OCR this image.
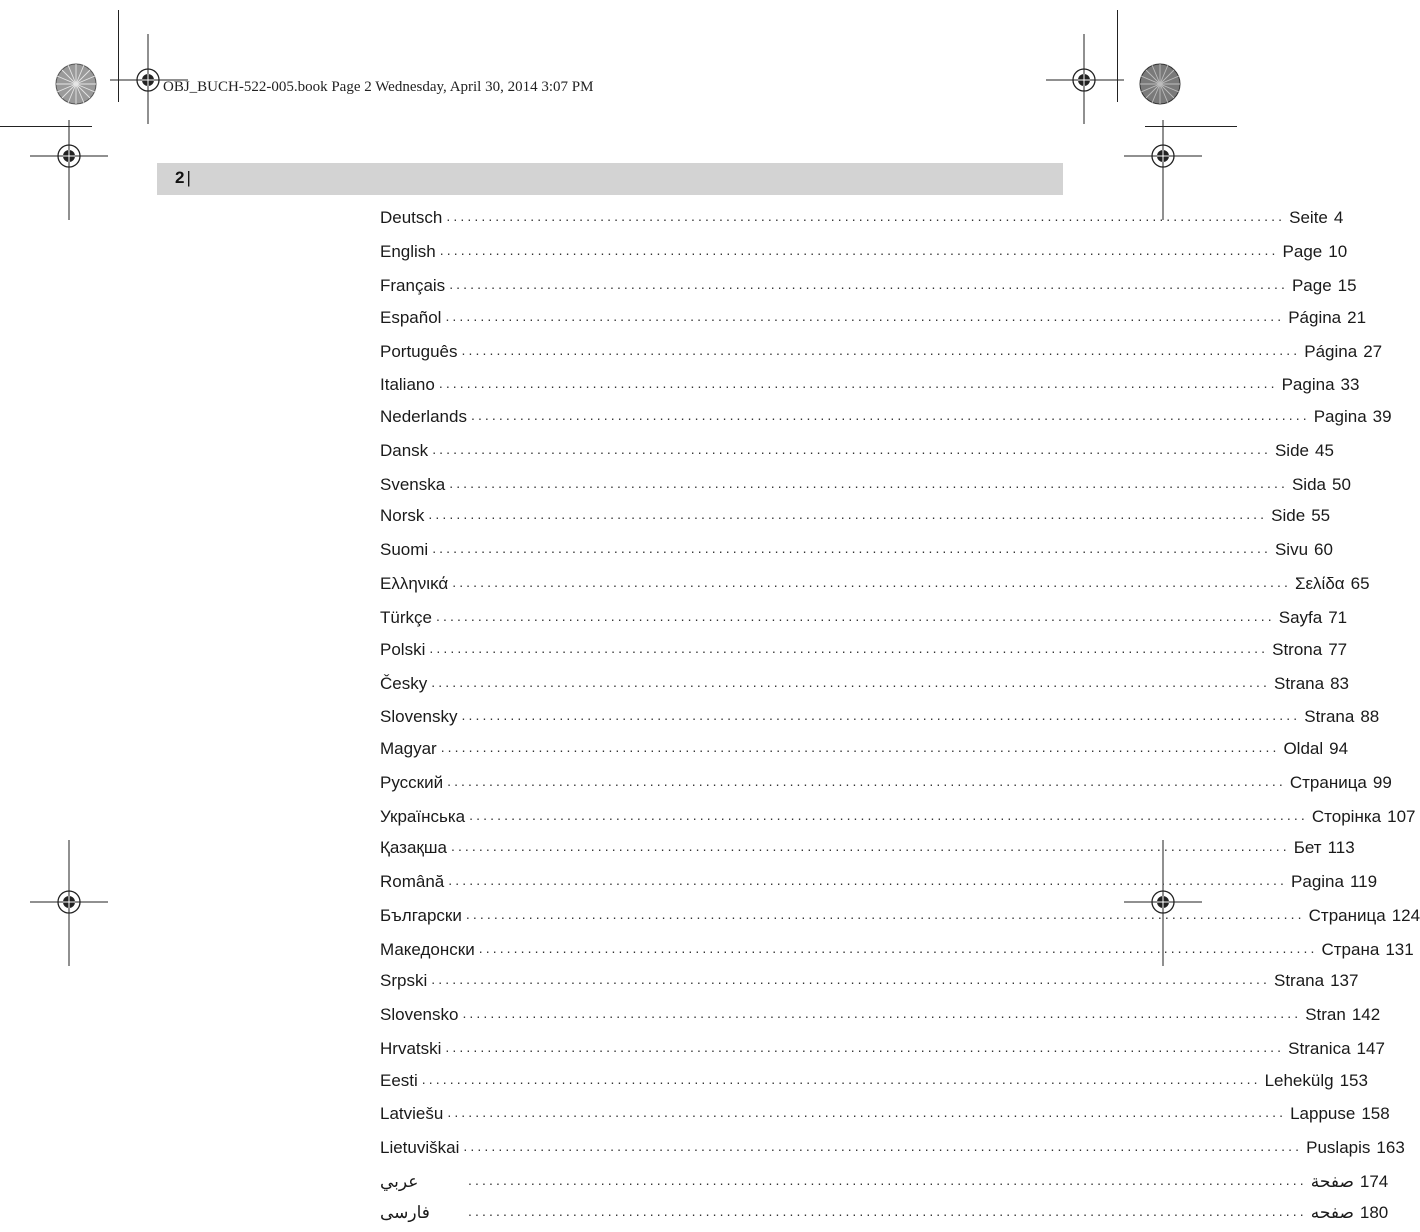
OBJ_BUCH-522-005.book Page 2 Wednesday, April 30, 2014 3:07 PM
2 |
Deutsch ........................................................................................................................ Seite 4
English ........................................................................................................................ Page 10
Français ........................................................................................................................ Page 15
Español ........................................................................................................................ Página 21
Português ........................................................................................................................ Página 27
Italiano ........................................................................................................................ Pagina 33
Nederlands ........................................................................................................................ Pagina 39
Dansk ........................................................................................................................ Side 45
Svenska ........................................................................................................................ Sida 50
Norsk ........................................................................................................................ Side 55
Suomi ........................................................................................................................ Sivu 60
Ελληνικά ........................................................................................................................ Σελίδα 65
Türkçe ........................................................................................................................ Sayfa 71
Polski ........................................................................................................................ Strona 77
Česky ........................................................................................................................ Strana 83
Slovensky ........................................................................................................................ Strana 88
Magyar ........................................................................................................................ Oldal 94
Русский ........................................................................................................................ Страница 99
Українська ........................................................................................................................ Сторінка 107
Қазақша ........................................................................................................................ Бет 113
Română ........................................................................................................................ Pagina 119
Български ........................................................................................................................ Страница 124
Македонски ........................................................................................................................ Страна 131
Srpski ........................................................................................................................ Strana 137
Slovensko ........................................................................................................................ Stran 142
Hrvatski ........................................................................................................................ Stranica 147
Eesti ........................................................................................................................ Lehekülg 153
Latviešu ........................................................................................................................ Lappuse 158
Lietuviškai ........................................................................................................................ Puslapis 163
عربي	........................................................................................................................ صفحة 174
فارسی	........................................................................................................................ صفحه 180
